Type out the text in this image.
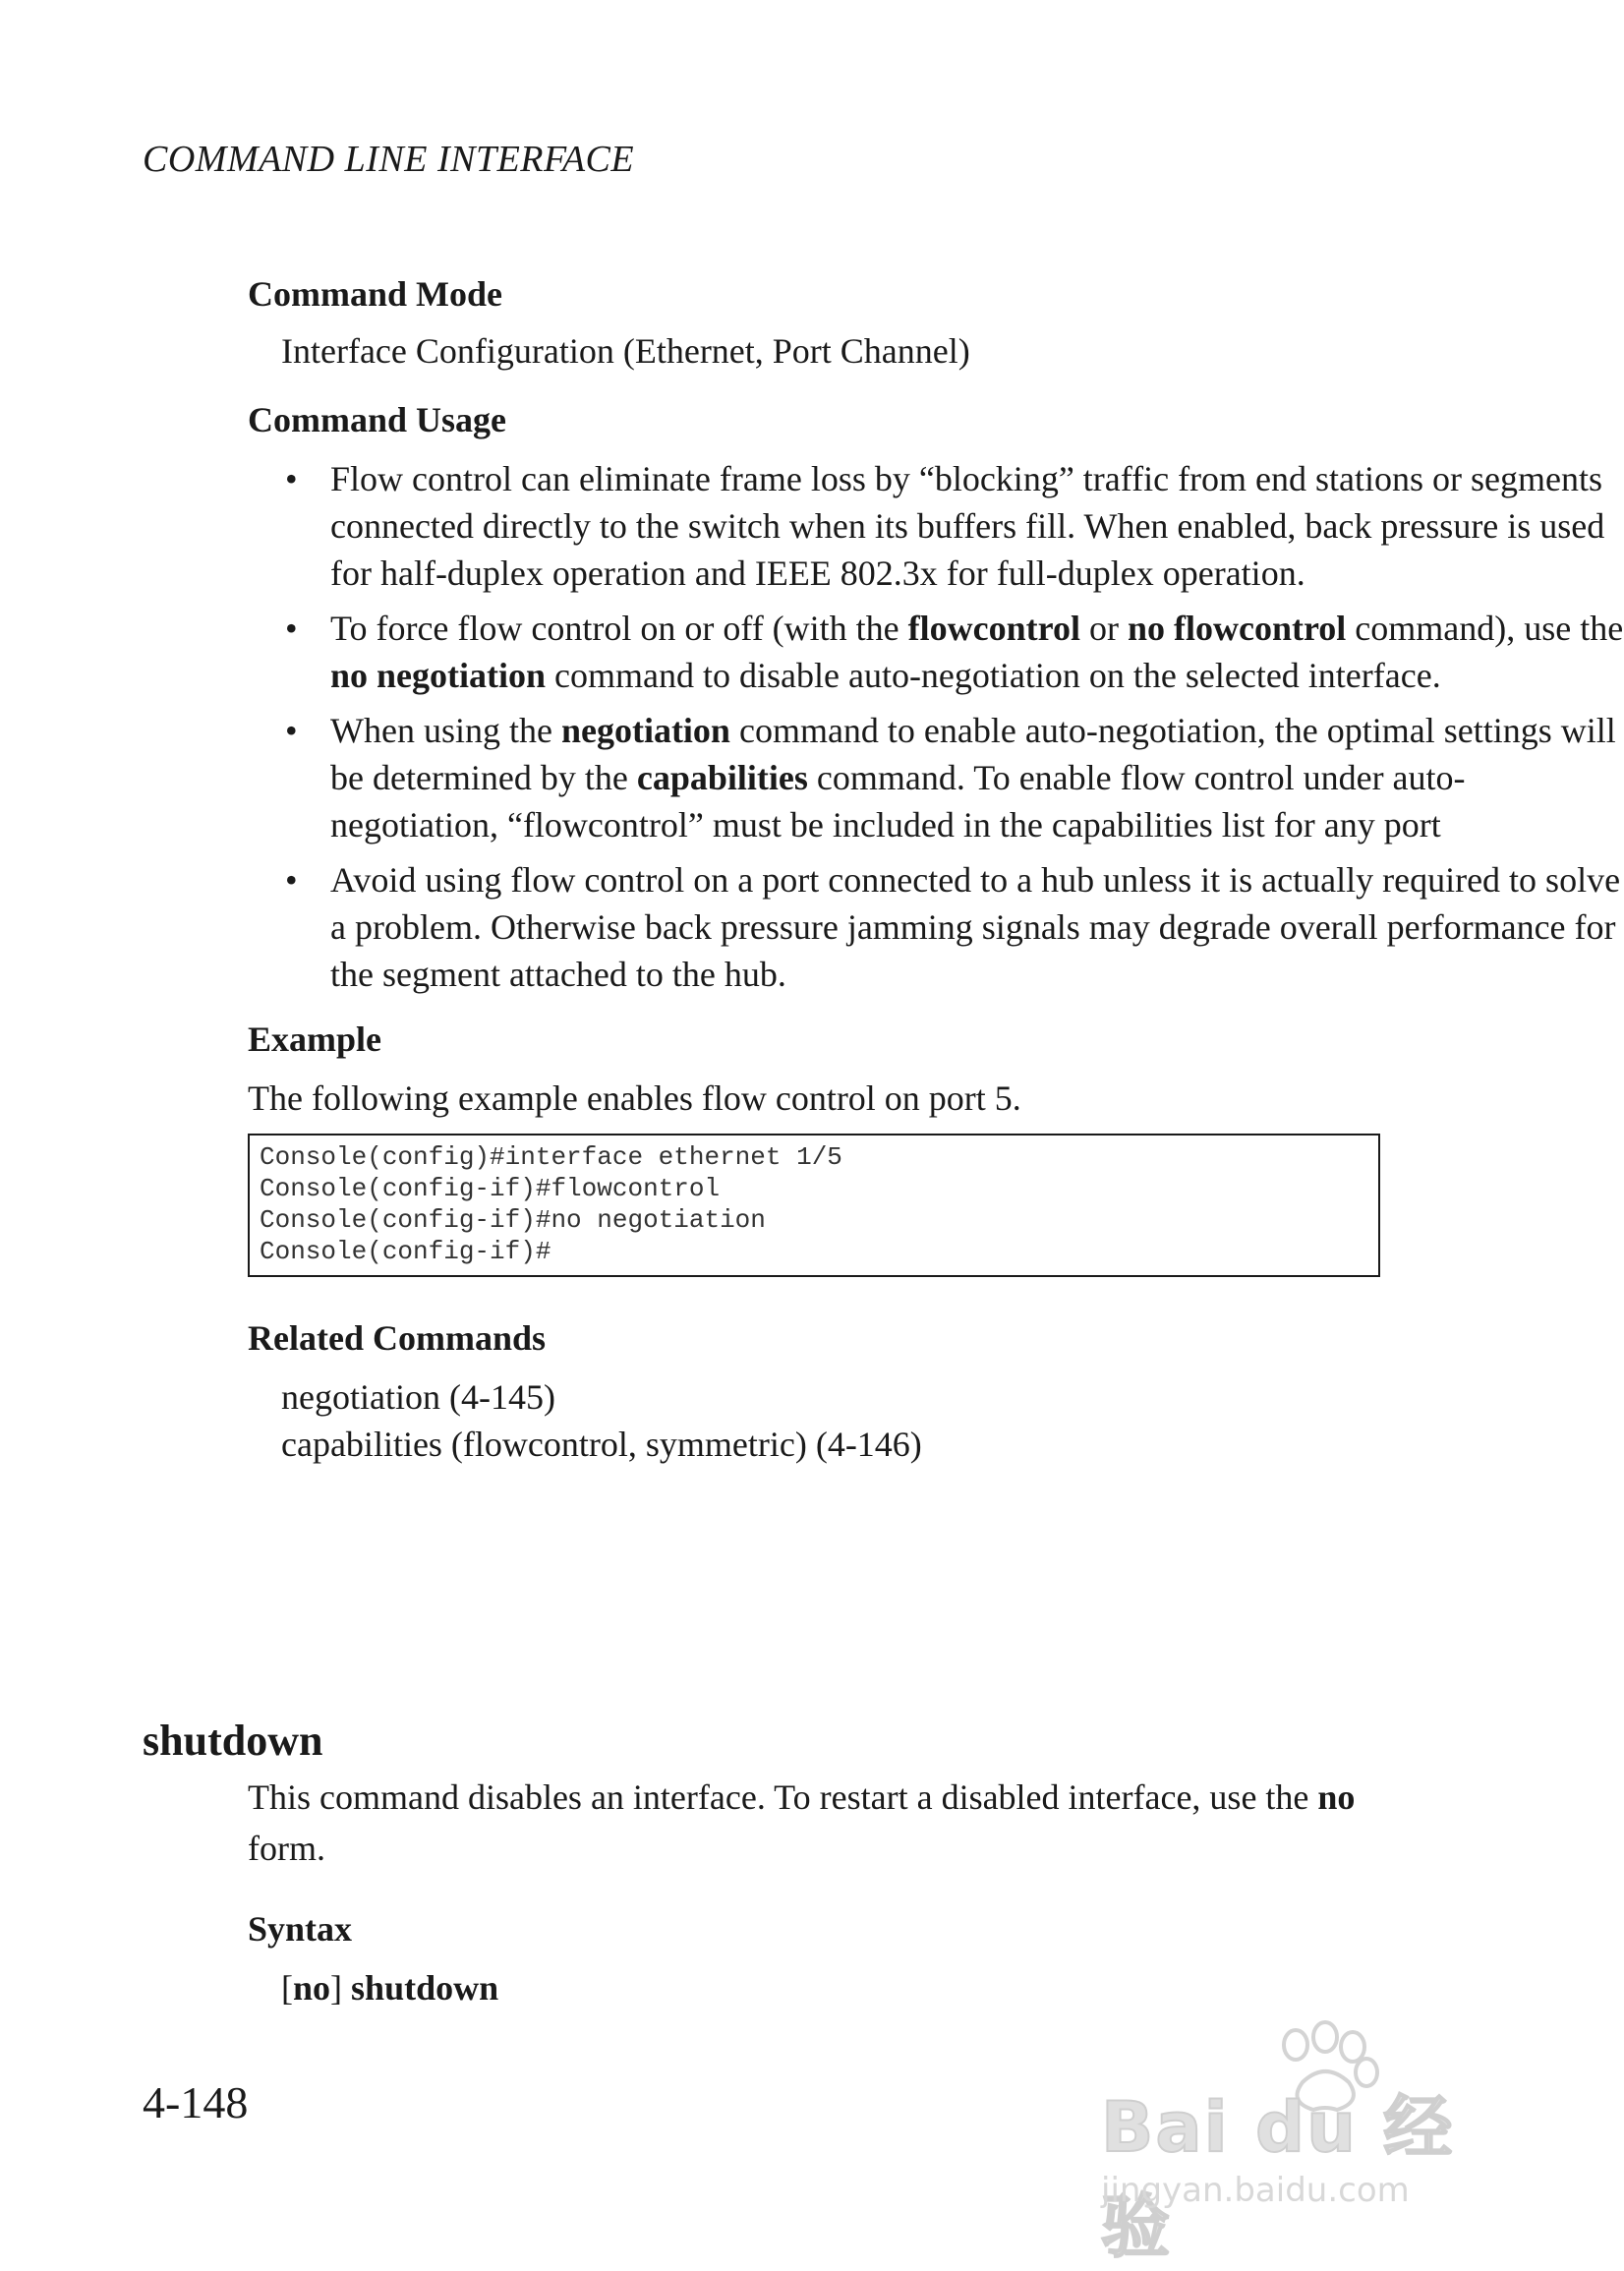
COMMAND LINE INTERFACE
Command Mode
Interface Configuration (Ethernet, Port Channel)
Command Usage
• Flow control can eliminate frame loss by “blocking” traffic from end stations or segments connected directly to the switch when its buffers fill. When enabled, back pressure is used for half-duplex operation and IEEE 802.3x for full-duplex operation.
• To force flow control on or off (with the flowcontrol or no flowcontrol command), use the no negotiation command to disable auto-negotiation on the selected interface.
• When using the negotiation command to enable auto-negotiation, the optimal settings will be determined by the capabilities command. To enable flow control under auto-negotiation, “flowcontrol” must be included in the capabilities list for any port
• Avoid using flow control on a port connected to a hub unless it is actually required to solve a problem. Otherwise back pressure jamming signals may degrade overall performance for the segment attached to the hub.
Example
The following example enables flow control on port 5.
Console(config)#interface ethernet 1/5
Console(config-if)#flowcontrol
Console(config-if)#no negotiation
Console(config-if)#
Related Commands
negotiation (4-145)
capabilities (flowcontrol, symmetric) (4-146)
shutdown
This command disables an interface. To restart a disabled interface, use the no form.
Syntax
[no] shutdown
4-148	Bai du 经验
jingyan.baidu.com
